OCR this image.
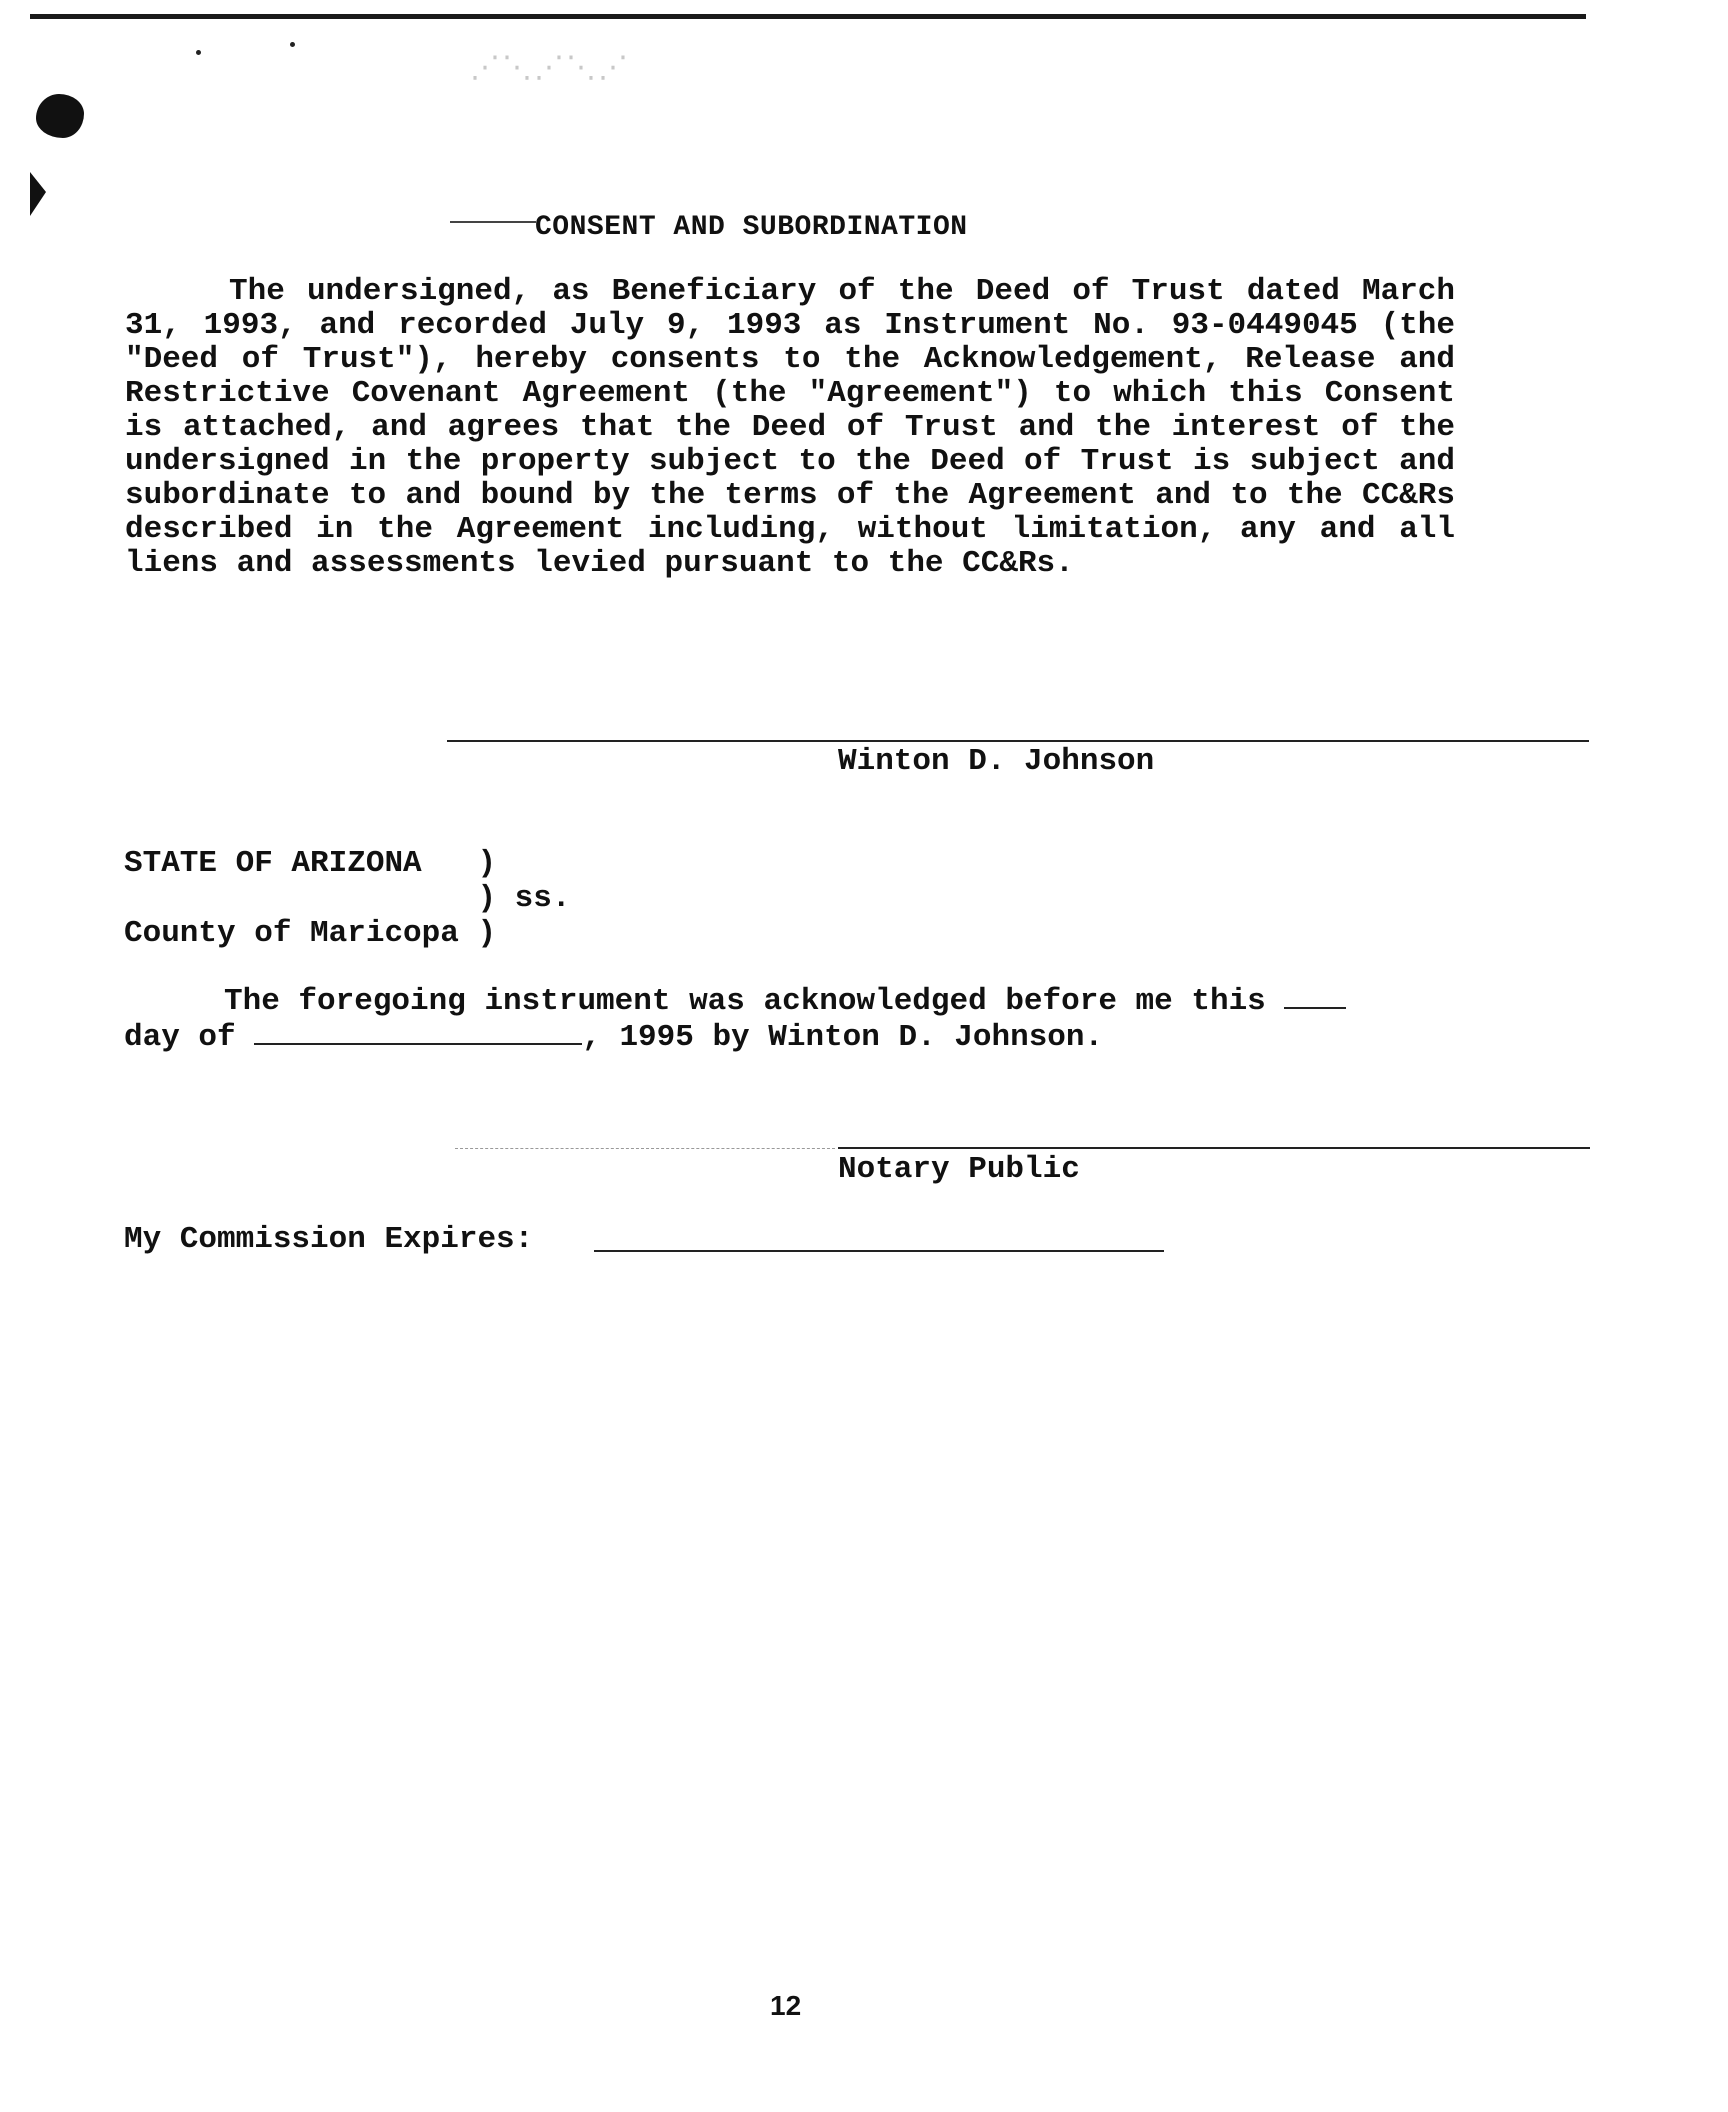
⋰⋱⋰⋱⋰
CONSENT AND SUBORDINATION
The undersigned, as Beneficiary of the Deed of Trust dated March 31, 1993, and recorded July 9, 1993 as Instrument No. 93-0449045 (the "Deed of Trust"), hereby consents to the Acknowledgement, Release and Restrictive Covenant Agreement (the "Agreement") to which this Consent is attached, and agrees that the Deed of Trust and the interest of the undersigned in the property subject to the Deed of Trust is subject and subordinate to and bound by the terms of the Agreement and to the CC&Rs described in the Agreement including, without limitation, any and all liens and assessments levied pursuant to the CC&Rs.
Winton D. Johnson
STATE OF ARIZONA   )
) ss.
County of Maricopa )
The foregoing instrument was acknowledged before me this
day of	, 1995 by Winton D. Johnson.
Notary Public
My Commission Expires:
12
